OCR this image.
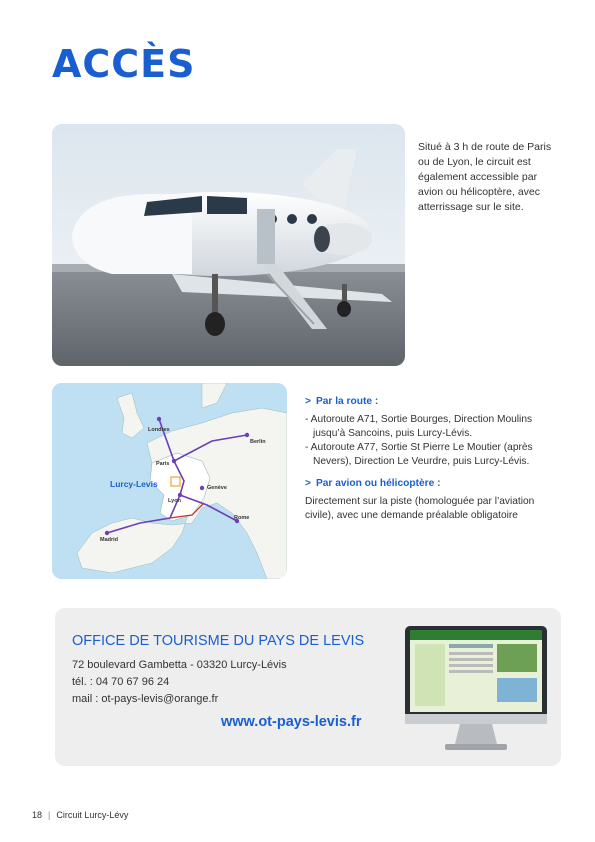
ACCÈS
Situé à 3 h de route de Paris ou de Lyon, le circuit est également accessible par avion ou hélicoptère, avec atterrissage sur le site.
Londres
Berlin
Paris
Lurcy-Levis	Genève
Lyon
Rome
Madrid
> Par la route :
- Autoroute A71, Sortie Bourges, Direction Moulins jusqu’à Sancoins, puis Lurcy-Lévis.
- Autoroute A77, Sortie St Pierre Le Moutier (après Nevers), Direction Le Veurdre, puis Lurcy-Lévis.
> Par avion ou hélicoptère :

Directement sur la piste (homologuée par l’aviation civile), avec une demande préalable obligatoire

OFFICE DE TOURISME DU PAYS DE LEVIS
72 boulevard Gambetta - 03320 Lurcy-Lévis
tél. : 04 70 67 96 24
mail : ot-pays-levis@orange.fr
www.ot-pays-levis.fr
18 | Circuit Lurcy-Lévy
